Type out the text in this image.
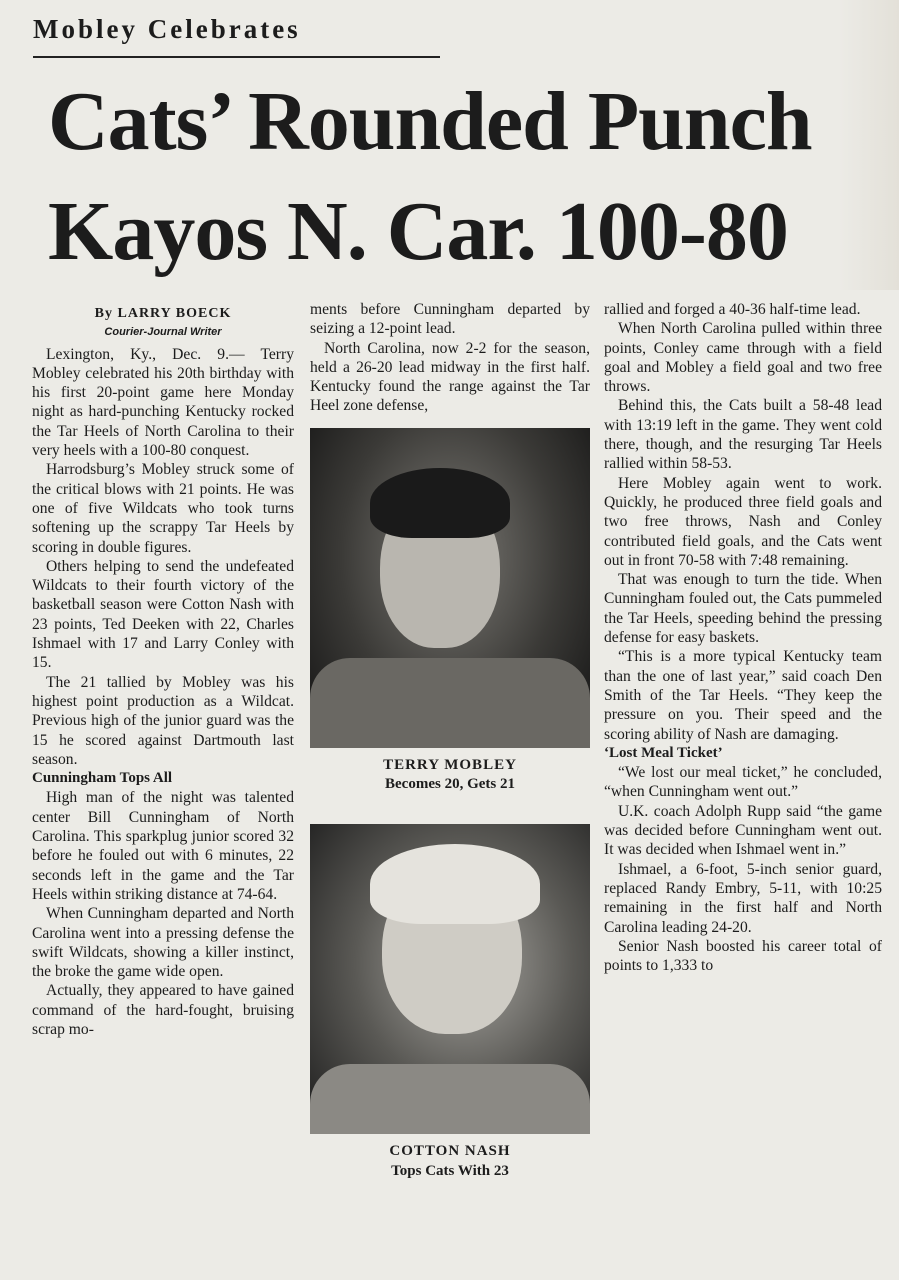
Mobley Celebrates
Cats’ Rounded Punch
Kayos N. Car. 100-80
By LARRY BOECK
Courier-Journal Writer

Lexington, Ky., Dec. 9.— Terry Mobley celebrated his 20th birthday with his first 20-point game here Monday night as hard-punching Kentucky rocked the Tar Heels of North Carolina to their very heels with a 100-80 conquest.

Harrodsburg’s Mobley struck some of the critical blows with 21 points. He was one of five Wildcats who took turns softening up the scrappy Tar Heels by scoring in double figures.

Others helping to send the undefeated Wildcats to their fourth victory of the basketball season were Cotton Nash with 23 points, Ted Deeken with 22, Charles Ishmael with 17 and Larry Conley with 15.

The 21 tallied by Mobley was his highest point production as a Wildcat. Previous high of the junior guard was the 15 he scored against Dartmouth last season.

Cunningham Tops All

High man of the night was talented center Bill Cunningham of North Carolina. This sparkplug junior scored 32 before he fouled out with 6 minutes, 22 seconds left in the game and the Tar Heels within striking distance at 74-64.

When Cunningham departed and North Carolina went into a pressing defense the swift Wildcats, showing a killer instinct, the broke the game wide open.

Actually, they appeared to have gained command of the hard-fought, bruising scrap mo-

ments before Cunningham departed by seizing a 12-point lead.

North Carolina, now 2-2 for the season, held a 26-20 lead midway in the first half. Kentucky found the range against the Tar Heel zone defense,

TERRY MOBLEY
Becomes 20, Gets 21
COTTON NASH
Tops Cats With 23

rallied and forged a 40-36 half-time lead.

When North Carolina pulled within three points, Conley came through with a field goal and Mobley a field goal and two free throws.

Behind this, the Cats built a 58-48 lead with 13:19 left in the game. They went cold there, though, and the resurging Tar Heels rallied within 58-53.

Here Mobley again went to work. Quickly, he produced three field goals and two free throws, Nash and Conley contributed field goals, and the Cats went out in front 70-58 with 7:48 remaining.

That was enough to turn the tide. When Cunningham fouled out, the Cats pummeled the Tar Heels, speeding behind the pressing defense for easy baskets.

“This is a more typical Kentucky team than the one of last year,” said coach Den Smith of the Tar Heels. “They keep the pressure on you. Their speed and the scoring ability of Nash are damaging.

‘Lost Meal Ticket’

“We lost our meal ticket,” he concluded, “when Cunningham went out.”

U.K. coach Adolph Rupp said “the game was decided before Cunningham went out. It was decided when Ishmael went in.”

Ishmael, a 6-foot, 5-inch senior guard, replaced Randy Embry, 5-11, with 10:25 remaining in the first half and North Carolina leading 24-20.

Senior Nash boosted his career total of points to 1,333 to
